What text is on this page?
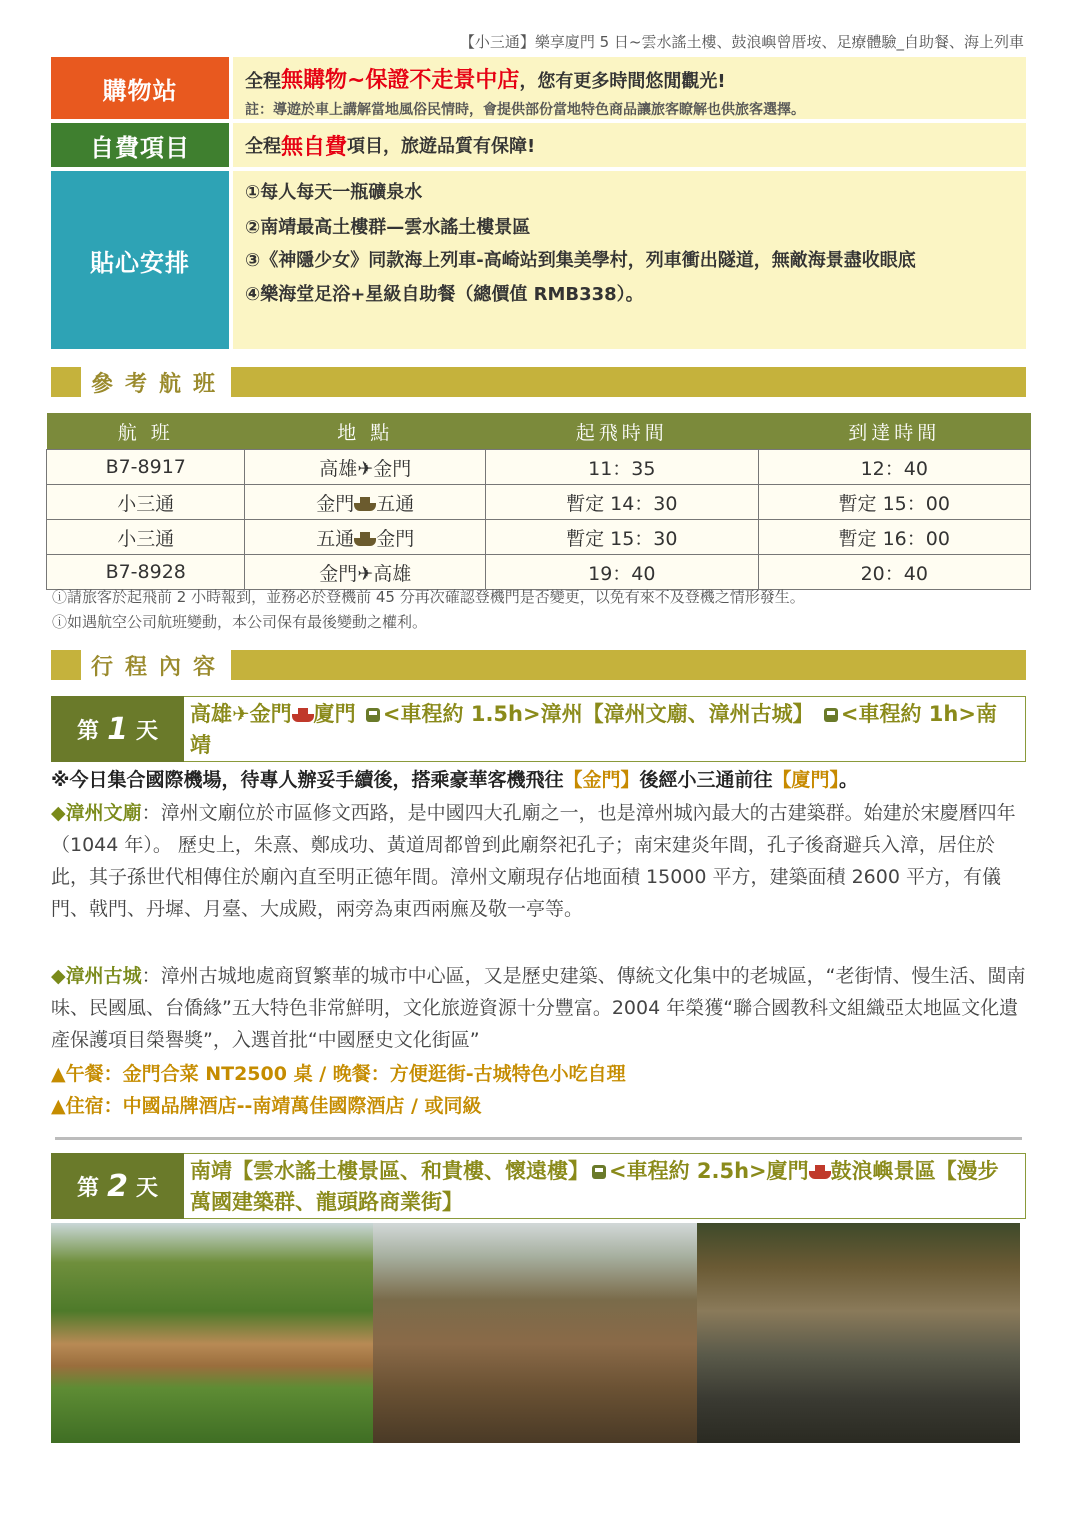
【小三通】樂享廈門 5 日~雲水謠土樓、鼓浪嶼曾厝垵、足療體驗_自助餐、海上列車
購物站	全程無購物~保證不走景中店，您有更多時間悠閒觀光!
註：導遊於車上講解當地風俗民情時，會提供部份當地特色商品讓旅客瞭解也供旅客選擇。
自費項目	全程 無自費 項目，旅遊品質有保障!
貼心安排
①每人每天一瓶礦泉水
②南靖最高土樓群—雲水謠土樓景區
③《神隱少女》同款海上列車-高崎站到集美學村，列車衝出隧道，無敵海景盡收眼底
④樂海堂足浴+星級自助餐（總價值 RMB338）。
參考航班
航 班	地 點	起飛時間	到達時間
B7-8917	高雄✈金門	11：35	12：40
小三通	金門 五通	暫定 14：30	暫定 15：00
小三通	五通 金門	暫定 15：30	暫定 16：00
B7-8928	金門✈高雄	19：40	20：40
ⓘ請旅客於起飛前 2 小時報到，並務必於登機前 45 分再次確認登機門是否變更，以免有來不及登機之情形發生。
ⓘ如遇航空公司航班變動，本公司保有最後變動之權利。
行程內容
第 1 天
高雄✈金門 廈門 <車程約 1.5h>漳州【漳州文廟、漳州古城】 <車程約 1h>南靖
※今日集合國際機場，待專人辦妥手續後，搭乘豪華客機飛往【金門】後經小三通前往【廈門】。
◆漳州文廟：漳州文廟位於市區修文西路，是中國四大孔廟之一，也是漳州城內最大的古建築群。始建於宋慶曆四年（1044 年）。 歷史上，朱熹、鄭成功、黃道周都曾到此廟祭祀孔子；南宋建炎年間，孔子後裔避兵入漳，居住於此，其子孫世代相傳住於廟內直至明正德年間。漳州文廟現存佔地面積 15000 平方，建築面積 2600 平方，有儀門、戟門、丹墀、月臺、大成殿，兩旁為東西兩廡及敬一亭等。
◆漳州古城：漳州古城地處商貿繁華的城市中心區，又是歷史建築、傳統文化集中的老城區，“老街情、慢生活、閩南味、民國風、台僑緣”五大特色非常鮮明，文化旅遊資源十分豐富。2004 年榮獲“聯合國教科文組織亞太地區文化遺產保護項目榮譽獎”，入選首批“中國歷史文化街區”
▲午餐：金門合菜 NT2500 桌 / 晚餐：方便逛街-古城特色小吃自理
▲住宿：中國品牌酒店--南靖萬佳國際酒店 / 或同級
第 2 天
南靖【雲水謠土樓景區、和貴樓、懷遠樓】 <車程約 2.5h>廈門 鼓浪嶼景區【漫步萬國建築群、龍頭路商業街】
